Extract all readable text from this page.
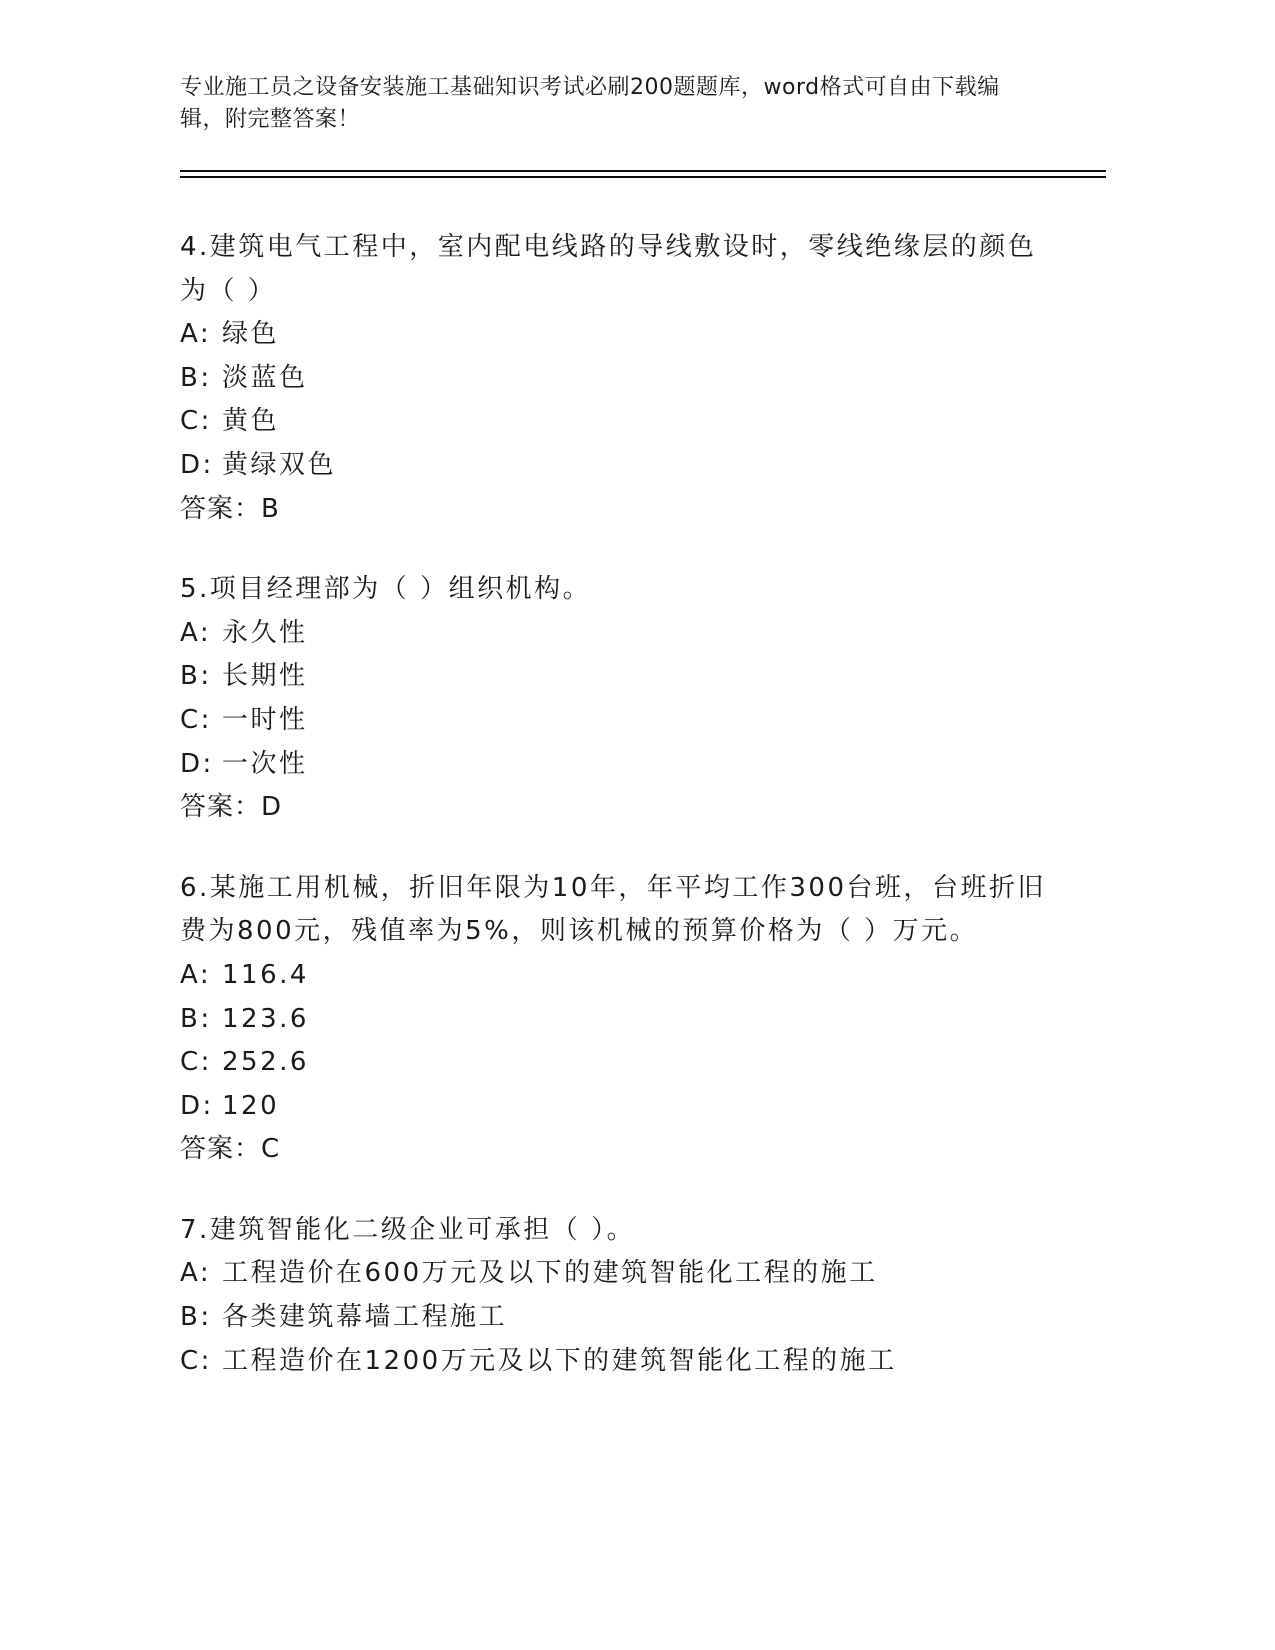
专业施工员之设备安装施工基础知识考试必刷200题题库，word格式可自由下载编辑，附完整答案！
4.建筑电气工程中，室内配电线路的导线敷设时，零线绝缘层的颜色为（ ）
A: 绿色
B: 淡蓝色
C: 黄色
D: 黄绿双色
答案：B
5.项目经理部为（ ）组织机构。
A: 永久性
B: 长期性
C: 一时性
D: 一次性
答案：D
6.某施工用机械，折旧年限为10年，年平均工作300台班，台班折旧费为800元，残值率为5%，则该机械的预算价格为（ ）万元。
A: 116.4
B: 123.6
C: 252.6
D: 120
答案：C
7.建筑智能化二级企业可承担（ ）。
A: 工程造价在600万元及以下的建筑智能化工程的施工
B: 各类建筑幕墙工程施工
C: 工程造价在1200万元及以下的建筑智能化工程的施工
